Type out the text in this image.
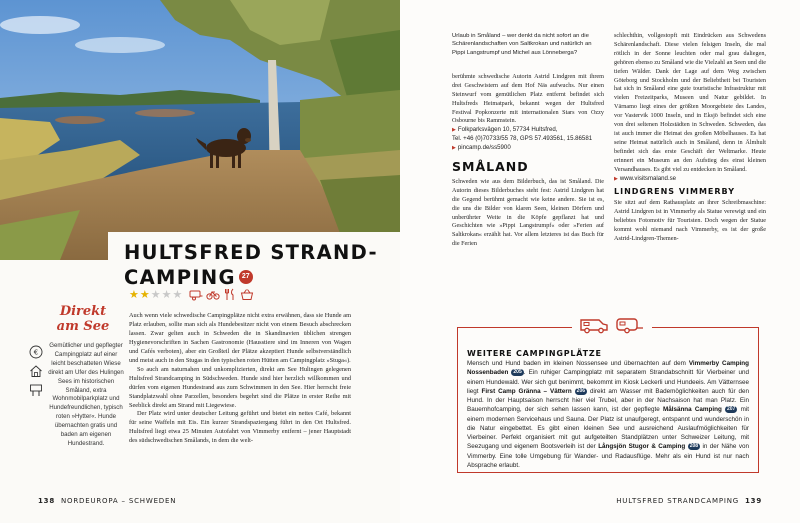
HULTSFRED STRAND-
CAMPING 27
★ ★ ★ ★ ★
Direkt
am See
€
Gemütlicher und gepflegter Campingplatz auf einer leicht beschatteten Wiese direkt am Ufer des Hulingen Sees im historischen Småland, extra Wohnmobilparkplatz und Hundefreundlichen, typisch roten »Hytter«. Hunde übernachten gratis und baden am eigenen Hundestrand.

Auch wenn viele schwedische Campingplätze nicht extra erwähnen, dass sie Hunde am Platz erlauben, sollte man sich als Hundebesitzer nicht von einem Besuch abschrecken lassen. Zwar gelten auch in Schweden die in Skandinavien üblichen strengen Hygienevorschriften in Sachen Gastronomie (Hausstiere sind im Inneren von Wagen und Cafés verboten), aber ein Großteil der Plätze akzeptiert Hunde selbstverständlich und meist auch in den Stugas in den typischen roten Hütten am Campingplatz »Stuga«).

So auch am naturnahen und unkomplizierten, direkt am See Hulingen gelegenen Hultsfred Strandcamping in Südschweden. Hunde sind hier herzlich willkommen und dürfen vom eigenen Hundestrand aus zum Schwimmen in den See. Hier herrscht freie Standplatzwahl ohne Parzellen, besonders begehrt sind die Plätze in erster Reihe mit Seeblick direkt am Strand mit Liegewiese.

Der Platz wird unter deutscher Leitung geführt und bietet ein nettes Café, bekannt für seine Waffeln mit Eis. Ein kurzer Strandspaziergang führt in den Ort Hultsfred. Hultsfred liegt etwa 25 Minuten Autofahrt von Vimmerby entfernt – jener Hauptstadt des südschwedischen Smålands, in dem die welt-

138 NORDEUROPA – SCHWEDEN

Urlaub in Småland – wer denkt da nicht sofort an die Schärenlandschaften von Saltkrokan und natürlich an Pippi Langstrumpf und Michel aus Lönneberga?

berühmte schwedische Autorin Astrid Lindgren mit ihrem drei Geschwistern auf dem Hof Näs aufwuchs. Nur einen Steinwurf vom gemütlichen Platz entfernt befindet sich Hultsfreds Heimatpark, bekannt wegen der Hultsfred Festival Popkonzerte mit internationalen Stars von Ozzy Osbourne bis Rammstein.

▶ Folkparksvägen 10, 57734 Hultsfred,

Tel. +46 (0)70733/55 78, GPS 57.493561, 15.86581

▶ pincamp.de/ss5900

SMÅLAND

Schweden wie aus dem Bilderbuch, das ist Småland. Die Autorin dieses Bilderbuches steht fest: Astrid Lindgren hat die Gegend berühmt gemacht wie keine andere. Sie ist es, die uns die Bilder von klaren Seen, kleinen Dörfern und unberührter Weite in die Köpfe gepflanzt hat und Geschichten wie »Pippi Langstrumpf« oder »Ferien auf Saltkrokan« erzählt hat. Vor allem letzteres ist das Buch für die Ferien

schlechthin, vollgestopft mit Eindrücken aus Schwedens Schärenlandschaft. Diese vielen felsigen Inseln, die mal rötlich in der Sonne leuchten oder mal grau daliegen, gehören ebenso zu Småland wie die Vielzahl an Seen und die tiefen Wälder. Dank der Lage auf dem Weg zwischen Göteborg und Stockholm und der Beliebtheit bei Touristen hat sich in Småland eine gute touristische Infrastruktur mit vielen Freizeitparks, Museen und Natur gebildet. In Värnamo liegt eines der größten Moorgebiete des Landes, vor Vastervik 1000 Inseln, und in Eksjö befindet sich eine von drei seltenen Holzstädten in Schweden. Schweden, das ist auch immer die Heimat des großen Möbelhauses. Es hat seine Heimat natürlich auch in Småland, denn in Älmhult befindet sich das erste Geschäft der Weltmarke. Heute erinnert ein Museum an den Aufstieg des einst kleinen Versandhauses. Es gibt viel zu entdecken in Småland.

▶ www.visitsmaland.se

LINDGRENS VIMMERBY

Sie sitzt auf dem Rathausplatz an ihrer Schreibmaschine: Astrid Lindgren ist in Vimmerby als Statue verewigt und ein beliebtes Fotomotiv für Touristen. Doch wegen der Statue kommt wohl niemand nach Vimmerby, es ist der große Astrid-Lindgren-Themen-

WEITERE CAMPINGPLÄTZE
Mensch und Hund baden im kleinen Nossensee und übernachten auf dem Vimmerby Camping Nossenbaden 205 . Ein ruhiger Campingplatz mit separatem Strandabschnitt für Vierbeiner und einem Hundewald. Wer sich gut benimmt, bekommt im Kiosk Leckerli und Hundeeis. Am Vätternsee liegt First Camp Gränna – Vättern 206 direkt am Wasser mit Bademöglichkeiten auch für den Hund. In der Hauptsaison herrscht hier viel Trubel, aber in der Nachsaison hat man Platz. Ein Bauernhofcamping, der sich sehen lassen kann, ist der gepflegte Målsänna Camping 207 mit einem modernen Servicehaus und Sauna. Der Platz ist unaufgeregt, entspannt und wunderschön in die Natur eingebettet. Es gibt einen kleinen See und ausreichend Auslaufmöglichkeiten für Vierbeiner. Perfekt organisiert mit gut aufgeteilten Standplätzen unter Schweizer Leitung, mit Seezugang und eigenem Bootsverleih ist der Långsjön Stugor & Camping 208 in der Nähe von Vimmerby. Eine tolle Umgebung für Wander- und Radausflüge. Mehr als ein Hund ist nur nach Absprache erlaubt.
HULTSFRED STRANDCAMPING 139
